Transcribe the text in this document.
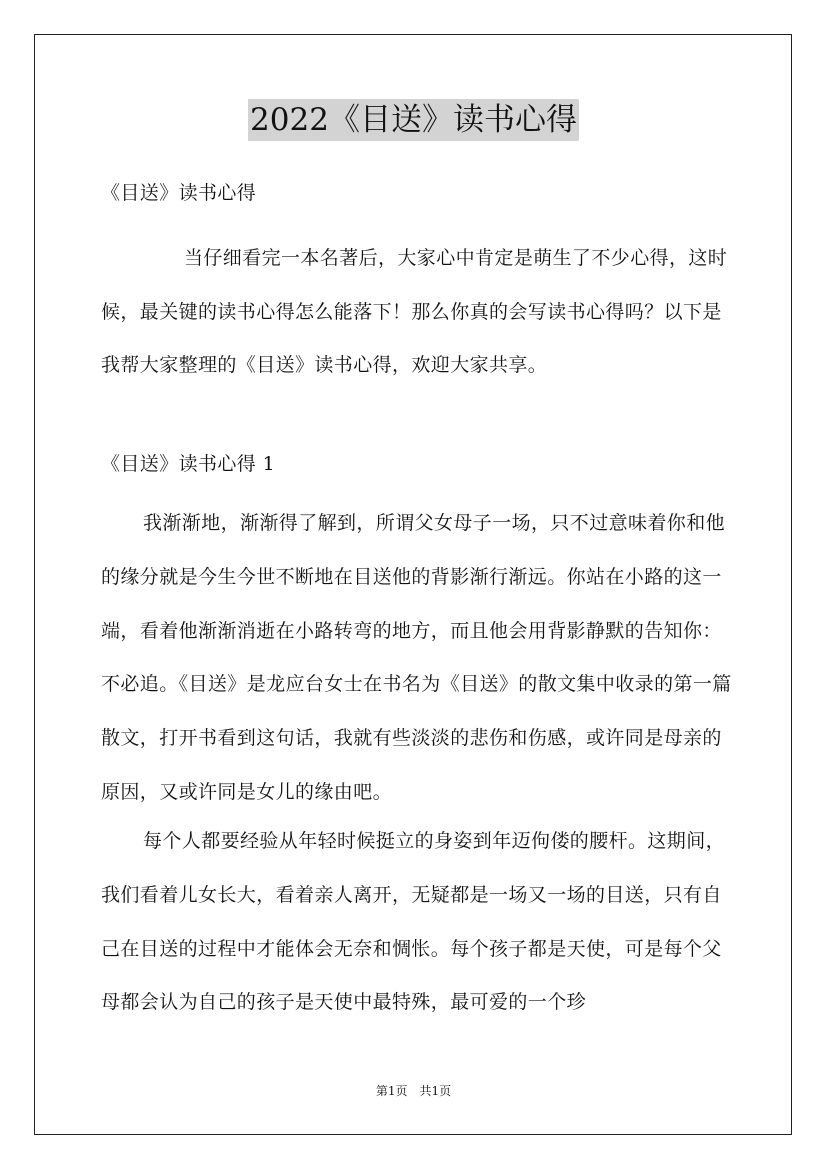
2022《目送》读书心得
《目送》读书心得
当仔细看完一本名著后，大家心中肯定是萌生了不少心得，这时候，最关键的读书心得怎么能落下！那么你真的会写读书心得吗？以下是我帮大家整理的《目送》读书心得，欢迎大家共享。
《目送》读书心得 1
我渐渐地，渐渐得了解到，所谓父女母子一场，只不过意味着你和他的缘分就是今生今世不断地在目送他的背影渐行渐远。你站在小路的这一端，看着他渐渐消逝在小路转弯的地方，而且他会用背影静默的告知你：不必追。《目送》是龙应台女士在书名为《目送》的散文集中收录的第一篇散文，打开书看到这句话，我就有些淡淡的悲伤和伤感，或许同是母亲的原因，又或许同是女儿的缘由吧。
每个人都要经验从年轻时候挺立的身姿到年迈佝偻的腰杆。这期间，我们看着儿女长大，看着亲人离开，无疑都是一场又一场的目送，只有自己在目送的过程中才能体会无奈和惆怅。每个孩子都是天使，可是每个父母都会认为自己的孩子是天使中最特殊，最可爱的一个珍
第1页 共1页
